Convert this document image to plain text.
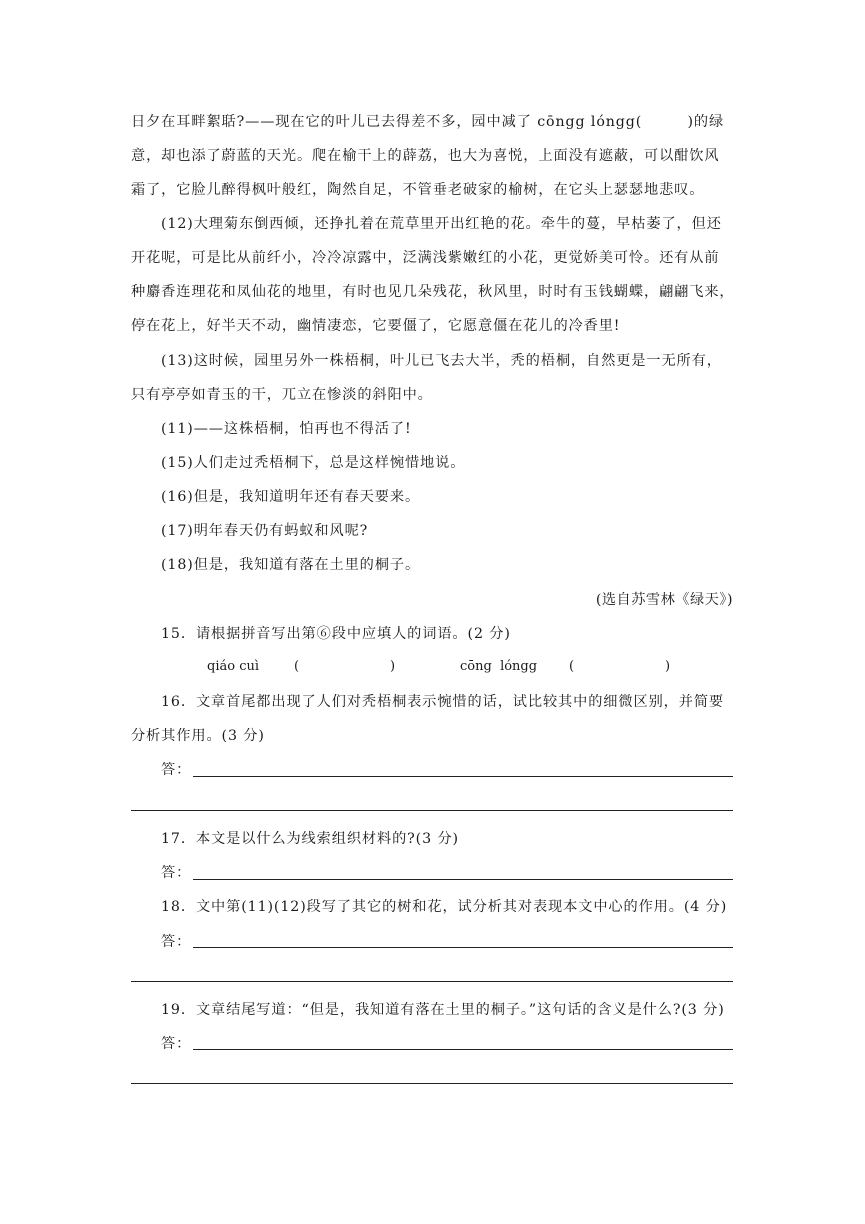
日夕在耳畔絮聒?——现在它的叶儿已去得差不多，园中减了 cōngg lóngg(　　　)的绿
意，却也添了蔚蓝的天光。爬在榆干上的薜荔，也大为喜悦，上面没有遮蔽，可以酣饮风
霜了，它脸儿醉得枫叶般红，陶然自足，不管垂老破家的榆树，在它头上瑟瑟地悲叹。
(12)大理菊东倒西倾，还挣扎着在荒草里开出红艳的花。牵牛的蔓，早枯萎了，但还
开花呢，可是比从前纤小，冷冷凉露中，泛满浅紫嫩红的小花，更觉娇美可怜。还有从前
种麝香连理花和凤仙花的地里，有时也见几朵残花，秋风里，时时有玉钱蝴蝶，翩翩飞来，
停在花上，好半天不动，幽情凄恋，它要僵了，它愿意僵在花儿的冷香里!
(13)这时候，园里另外一株梧桐，叶儿已飞去大半，秃的梧桐，自然更是一无所有，
只有亭亭如青玉的干，兀立在惨淡的斜阳中。
(11)——这株梧桐，怕再也不得活了!
(15)人们走过秃梧桐下，总是这样惋惜地说。
(16)但是，我知道明年还有春天要来。
(17)明年春天仍有蚂蚁和风呢?
(18)但是，我知道有落在土里的桐子。
(选自苏雪林《绿天》)
15．请根据拼音写出第⑥段中应填人的词语。(2 分)

qiáo cuì

	(

	)

	cōng  lóngg

(

	)

16．文章首尾都出现了人们对秃梧桐表示惋惜的话，试比较其中的细微区别，并简要
分析其作用。(3 分)
答：
17．本文是以什么为线索组织材料的?(3 分)
答：
18．文中第(11)(12)段写了其它的树和花，试分析其对表现本文中心的作用。(4 分)
答：
19．文章结尾写道：“但是，我知道有落在土里的桐子。”这句话的含义是什么?(3 分)
答：
